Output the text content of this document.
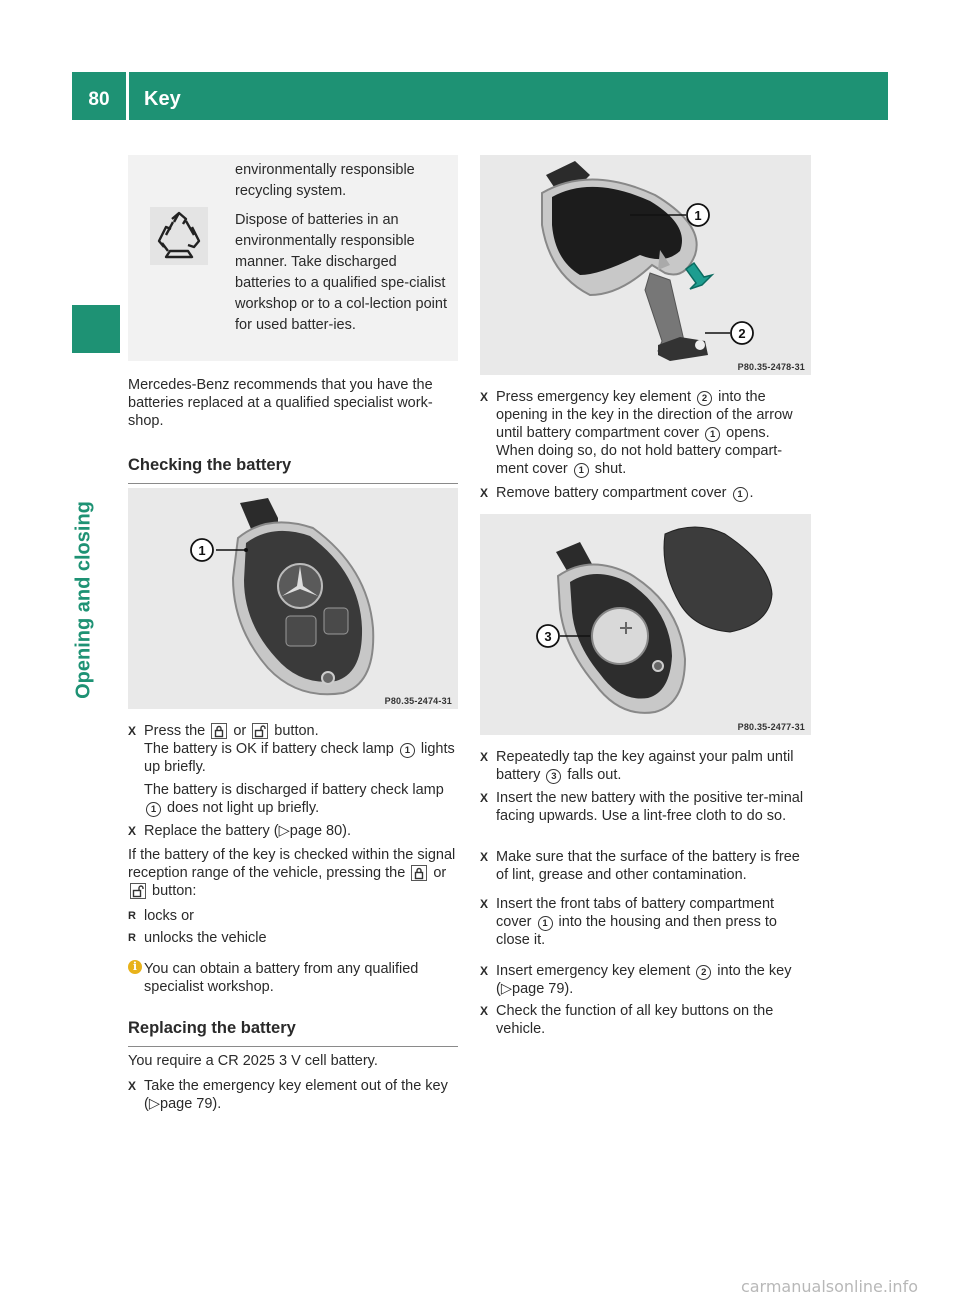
80	Key
Opening and closing

environmentally responsible recycling system.

Dispose of batteries in an environmentally responsible manner. Take discharged batteries to a qualified spe-cialist workshop or to a col-lection point for used batter-ies.

Mercedes-Benz recommends that you have the batteries replaced at a qualified specialist work-shop.
Checking the battery
1
P80.35-2474-31
X Press the or button.
The battery is OK if battery check lamp 1 lights up briefly.
The battery is discharged if battery check lamp 1 does not light up briefly.
X Replace the battery (▷page 80).
If the battery of the key is checked within the signal reception range of the vehicle, pressing the or  button:
R locks or
R unlocks the vehicle
i You can obtain a battery from any qualified specialist workshop.
Replacing the battery
You require a CR 2025 3 V cell battery.
X Take the emergency key element out of the key (▷page 79).
1
2
P80.35-2478-31
X Press emergency key element 2 into the opening in the key in the direction of the arrow until battery compartment cover 1 opens. When doing so, do not hold battery compart-ment cover 1 shut.
X Remove battery compartment cover 1 .
3
P80.35-2477-31
X Repeatedly tap the key against your palm until battery 3 falls out.
X Insert the new battery with the positive ter-minal facing upwards. Use a lint-free cloth to do so.
X Make sure that the surface of the battery is free of lint, grease and other contamination.
X Insert the front tabs of battery compartment cover 1 into the housing and then press to close it.
X Insert emergency key element 2 into the key (▷page 79).
X Check the function of all key buttons on the vehicle.
carmanualsonline.info
